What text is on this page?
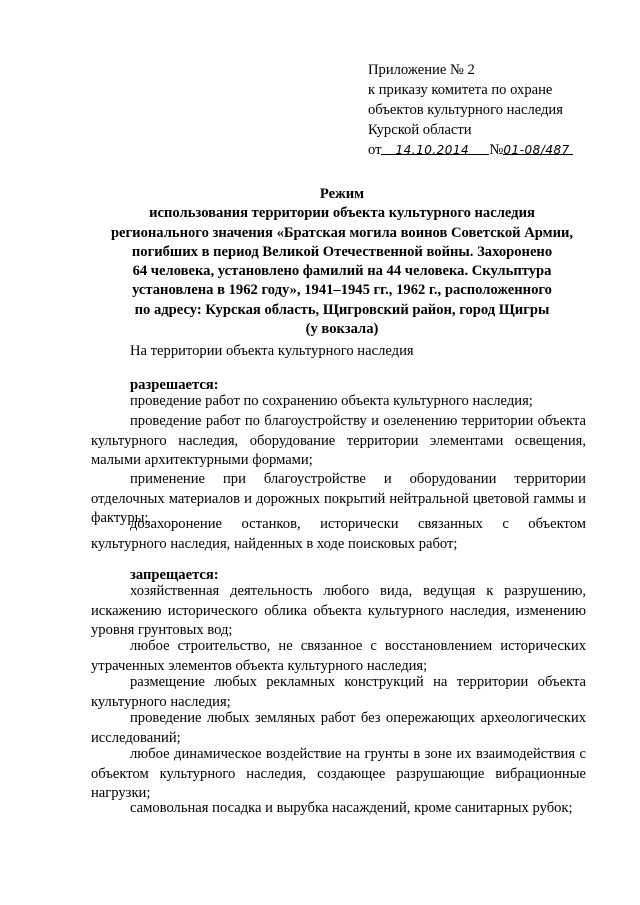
Приложение № 2
к приказу комитета по охране
объектов культурного наследия
Курской области
от 14.10.2014 №01-08/487
Режим
использования территории объекта культурного наследия
регионального значения «Братская могила воинов Советской Армии,
погибших в период Великой Отечественной войны. Захоронено
64 человека, установлено фамилий на 44 человека. Скульптура
установлена в 1962 году», 1941–1945 гг., 1962 г., расположенного
по адресу: Курская область, Щигровский район, город Щигры
(у вокзала)
На территории объекта культурного наследия
разрешается:
проведение работ по сохранению объекта культурного наследия;
проведение работ по благоустройству и озеленению территории объекта культурного наследия, оборудование территории элементами освещения, малыми архитектурными формами;
применение при благоустройстве и оборудовании территории отделочных материалов и дорожных покрытий нейтральной цветовой гаммы и фактуры;
дозахоронение останков, исторически связанных с объектом культурного наследия, найденных в ходе поисковых работ;
запрещается:
хозяйственная деятельность любого вида, ведущая к разрушению, искажению исторического облика объекта культурного наследия, изменению уровня грунтовых вод;
любое строительство, не связанное с восстановлением исторических утраченных элементов объекта культурного наследия;
размещение любых рекламных конструкций на территории объекта культурного наследия;
проведение любых земляных работ без опережающих археологических исследований;
любое динамическое воздействие на грунты в зоне их взаимодействия с объектом культурного наследия, создающее разрушающие вибрационные нагрузки;
самовольная посадка и вырубка насаждений, кроме санитарных рубок;
